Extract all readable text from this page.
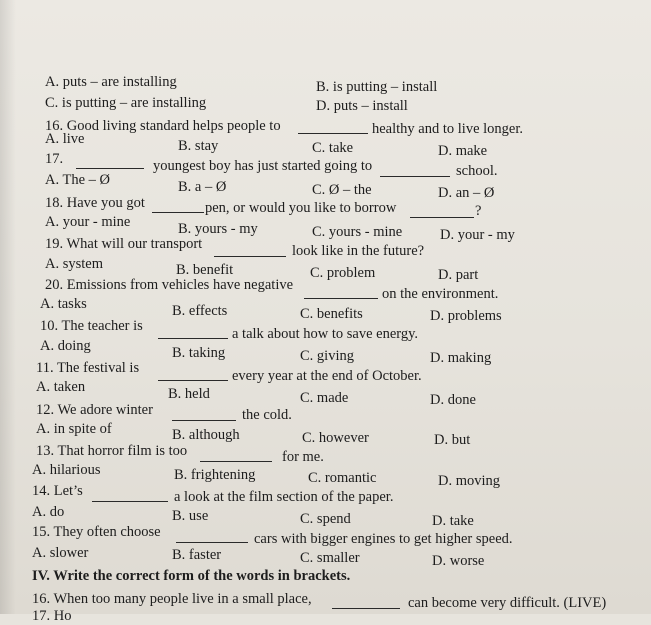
A. puts – are installing	B. is putting – install
C. is putting – are installing	D. puts – install
16. Good living standard helps people to	healthy and to live longer.
A. live	B. stay	C. take	D. make
17.	youngest boy has just started going to	school.
A. The – Ø	B. a – Ø	C. Ø – the	D. an – Ø
18. Have you got	pen, or would you like to borrow	?
A. your - mine	B. yours - my	C. yours - mine	D. your - my
19. What will our transport	look like in the future?
A. system	B. benefit	C. problem	D. part
20. Emissions from vehicles have negative
on the environment.
A. tasks	B. effects	C. benefits	D. problems
10. The teacher is	a talk about how to save energy.
A. doing	B. taking	C. giving	D. making
11. The festival is	every year at the end of October.
A. taken	B. held	C. made	D. done
12. We adore winter	the cold.
A. in spite of	B. although	C. however	D. but
13. That horror film is too	for me.
A. hilarious	B. frightening	C. romantic	D. moving
14. Let’s	a look at the film section of the paper.
A. do	B. use	C. spend	D. take
15. They often choose	cars with bigger engines to get higher speed.
A. slower	B. faster	C. smaller	D. worse
IV. Write the correct form of the words in brackets.
16. When too many people live in a small place,	can become very difficult. (LIVE)
17. Ho
